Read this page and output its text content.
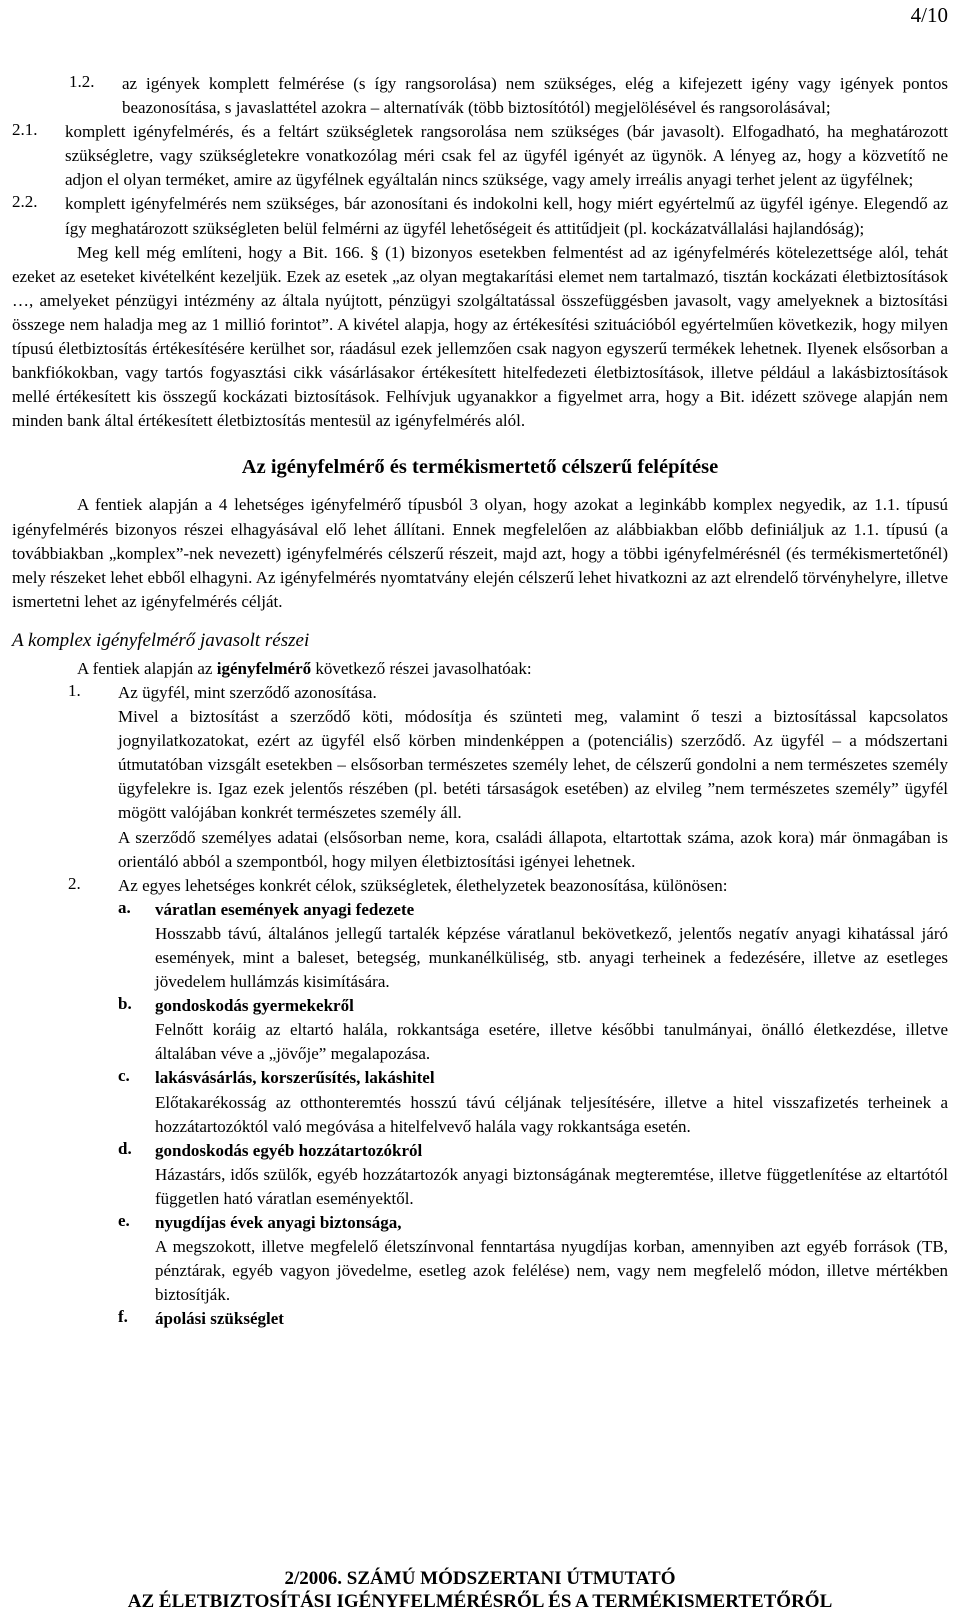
4/10
1.2.	az igények komplett felmérése (s így rangsorolása) nem szükséges, elég a kifejezett igény vagy igények pontos beazonosítása, s javaslattétel azokra – alternatívák (több biztosítótól) megjelölésével és rangsorolásával;

2.1.	komplett igényfelmérés, és a feltárt szükségletek rangsorolása nem szükséges (bár javasolt). Elfogadható, ha meghatározott szükségletre, vagy szükségletekre vonatkozólag méri csak fel az ügyfél igényét az ügynök. A lényeg az, hogy a közvetítő ne adjon el olyan terméket, amire az ügyfélnek egyáltalán nincs szüksége, vagy amely irreális anyagi terhet jelent az ügyfélnek;

2.2.	komplett igényfelmérés nem szükséges, bár azonosítani és indokolni kell, hogy miért egyértelmű az ügyfél igénye. Elegendő az így meghatározott szükségleten belül felmérni az ügyfél lehetőségeit és attitűdjeit (pl. kockázatvállalási hajlandóság);

Meg kell még említeni, hogy a Bit. 166. § (1) bizonyos esetekben felmentést ad az igényfelmérés kötelezettsége alól, tehát ezeket az eseteket kivételként kezeljük. Ezek az esetek „az olyan megtakarítási elemet nem tartalmazó, tisztán kockázati életbiztosítások …, amelyeket pénzügyi intézmény az általa nyújtott, pénzügyi szolgáltatással összefüggésben javasolt, vagy amelyeknek a biztosítási összege nem haladja meg az 1 millió forintot”. A kivétel alapja, hogy az értékesítési szituációból egyértelműen következik, hogy milyen típusú életbiztosítás értékesítésére kerülhet sor, ráadásul ezek jellemzően csak nagyon egyszerű termékek lehetnek. Ilyenek elsősorban a bankfiókokban, vagy tartós fogyasztási cikk vásárlásakor értékesített hitelfedezeti életbiztosítások, illetve például a lakásbiztosítások mellé értékesített kis összegű kockázati biztosítások. Felhívjuk ugyanakkor a figyelmet arra, hogy a Bit. idézett szövege alapján nem minden bank által értékesített életbiztosítás mentesül az igényfelmérés alól.

Az igényfelmérő és termékismertető célszerű felépítése

A fentiek alapján a 4 lehetséges igényfelmérő típusból 3 olyan, hogy azokat a leginkább komplex negyedik, az 1.1. típusú igényfelmérés bizonyos részei elhagyásával elő lehet állítani. Ennek megfelelően az alábbiakban előbb definiáljuk az 1.1. típusú (a továbbiakban „komplex”-nek nevezett) igényfelmérés célszerű részeit, majd azt, hogy a többi igényfelmérésnél (és termékismertetőnél) mely részeket lehet ebből elhagyni. Az igényfelmérés nyomtatvány elején célszerű lehet hivatkozni az azt elrendelő törvényhelyre, illetve ismertetni lehet az igényfelmérés célját.

A komplex igényfelmérő javasolt részei

A fentiek alapján az igényfelmérő következő részei javasolhatóak:

1.	Az ügyfél, mint szerződő azonosítása.

Mivel a biztosítást a szerződő köti, módosítja és szünteti meg, valamint ő teszi a biztosítással kapcsolatos jognyilatkozatokat, ezért az ügyfél első körben mindenképpen a (potenciális) szerződő. Az ügyfél – a módszertani útmutatóban vizsgált esetekben – elsősorban természetes személy lehet, de célszerű gondolni a nem természetes személy ügyfelekre is. Igaz ezek jelentős részében (pl. betéti társaságok esetében) az elvileg ”nem természetes személy” ügyfél mögött valójában konkrét természetes személy áll.

A szerződő személyes adatai (elsősorban neme, kora, családi állapota, eltartottak száma, azok kora) már önmagában is orientáló abból a szempontból, hogy milyen életbiztosítási igényei lehetnek.

2.	Az egyes lehetséges konkrét célok, szükségletek, élethelyzetek beazonosítása, különösen:

a.	váratlan események anyagi fedezete

Hosszabb távú, általános jellegű tartalék képzése váratlanul bekövetkező, jelentős negatív anyagi kihatással járó események, mint a baleset, betegség, munkanélküliség, stb. anyagi terheinek a fedezésére, illetve az esetleges jövedelem hullámzás kisimítására.

b.	gondoskodás gyermekekről

Felnőtt koráig az eltartó halála, rokkantsága esetére, illetve későbbi tanulmányai, önálló életkezdése, illetve általában véve a „jövője” megalapozása.

c.	lakásvásárlás, korszerűsítés, lakáshitel

Előtakarékosság az otthonteremtés hosszú távú céljának teljesítésére, illetve a hitel visszafizetés terheinek a hozzátartozóktól való megóvása a hitelfelvevő halála vagy rokkantsága esetén.

d.	gondoskodás egyéb hozzátartozókról

Házastárs, idős szülők, egyéb hozzátartozók anyagi biztonságának megteremtése, illetve függetlenítése az eltartótól független ható váratlan eseményektől.

e.	nyugdíjas évek anyagi biztonsága,

A megszokott, illetve megfelelő életszínvonal fenntartása nyugdíjas korban, amennyiben azt egyéb források (TB, pénztárak, egyéb vagyon jövedelme, esetleg azok felélése) nem, vagy nem megfelelő módon, illetve mértékben biztosítják.

f.	ápolási szükséglet

2/2006. SZÁMÚ MÓDSZERTANI ÚTMUTATÓ
AZ ÉLETBIZTOSÍTÁSI IGÉNYFELMÉRÉSRŐL ÉS A TERMÉKISMERTETŐRŐL
